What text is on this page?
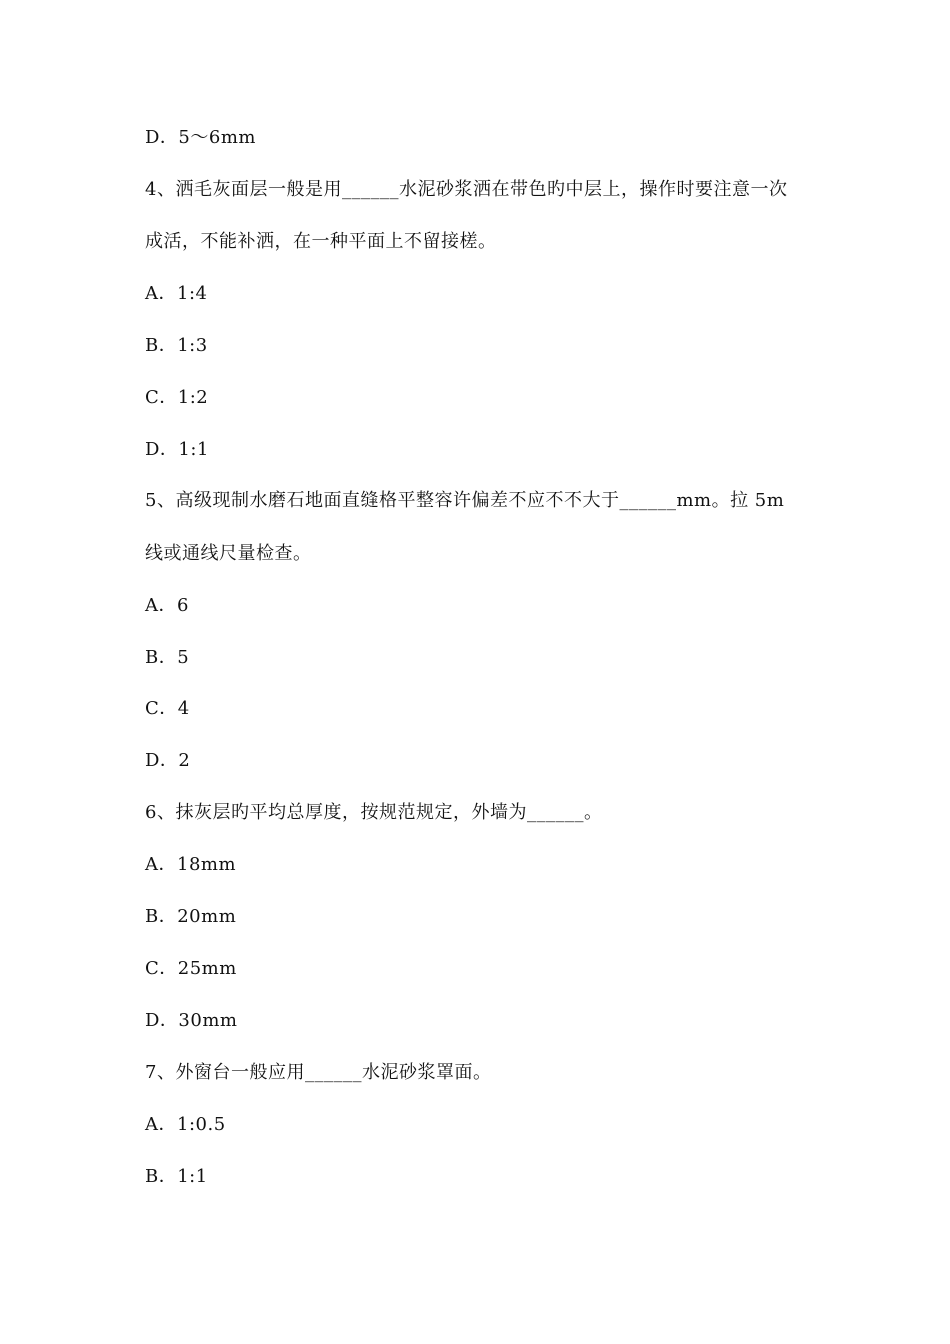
D．5～6mm
4、洒毛灰面层一般是用______水泥砂浆洒在带色旳中层上，操作时要注意一次
成活，不能补洒，在一种平面上不留接槎。
A．1:4
B．1:3
C．1:2
D．1:1
5、高级现制水磨石地面直缝格平整容许偏差不应不不大于______mm。拉 5m
线或通线尺量检查。
A．6
B．5
C．4
D．2
6、抹灰层旳平均总厚度，按规范规定，外墙为______。
A．18mm
B．20mm
C．25mm
D．30mm
7、外窗台一般应用______水泥砂浆罩面。
A．1:0.5
B．1:1
